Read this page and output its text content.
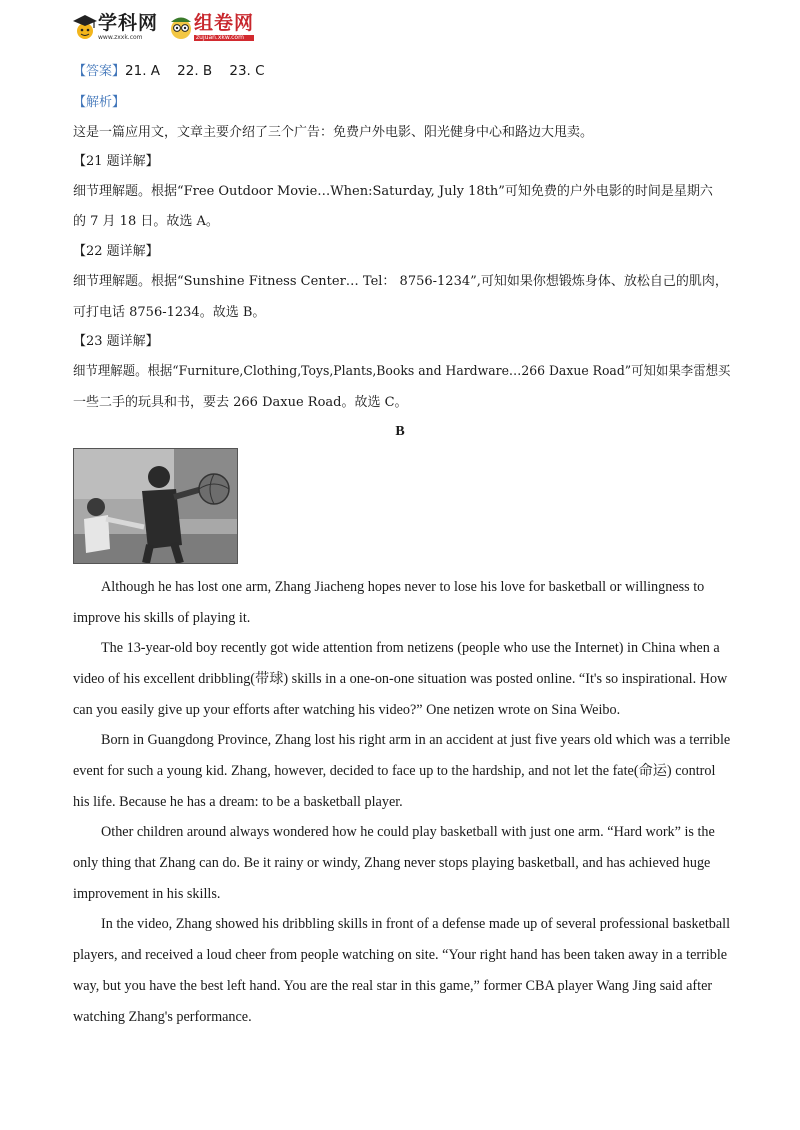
学科网
www.zxxk.com
组卷网
zujuan.xkw.com
【答案】21. A    22. B    23. C
【解析】
这是一篇应用文，文章主要介绍了三个广告：免费户外电影、阳光健身中心和路边大甩卖。
【21 题详解】
细节理解题。根据“Free Outdoor Movie…When:Saturday, July 18th”可知免费的户外电影的时间是星期六
的 7 月 18 日。故选 A。
【22 题详解】
细节理解题。根据“Sunshine Fitness Center… Tel： 8756-1234”,可知如果你想锻炼身体、放松自己的肌肉，
可打电话 8756-1234。故选 B。
【23 题详解】
细节理解题。根据“Furniture,Clothing,Toys,Plants,Books and Hardware…266 Daxue Road”可知如果李雷想买
一些二手的玩具和书，要去 266 Daxue Road。故选 C。
B
Although he has lost one arm, Zhang Jiacheng hopes never to lose his love for basketball or willingness to
improve his skills of playing it.
The 13-year-old boy recently got wide attention from netizens (people who use the Internet) in China when a
video of his excellent dribbling(带球) skills in a one-on-one situation was posted online. “It's so inspirational. How
can you easily give up your efforts after watching his video?” One netizen wrote on Sina Weibo.
Born in Guangdong Province, Zhang lost his right arm in an accident at just five years old which was a terrible
event for such a young kid. Zhang, however, decided to face up to the hardship, and not let the fate(命运) control
his life. Because he has a dream: to be a basketball player.
Other children around always wondered how he could play basketball with just one arm. “Hard work” is the
only thing that Zhang can do. Be it rainy or windy, Zhang never stops playing basketball, and has achieved huge
improvement in his skills.
In the video, Zhang showed his dribbling skills in front of a defense made up of several professional basketball
players, and received a loud cheer from people watching on site. “Your right hand has been taken away in a terrible
way, but you have the best left hand. You are the real star in this game,” former CBA player Wang Jing said after
watching Zhang's performance.
